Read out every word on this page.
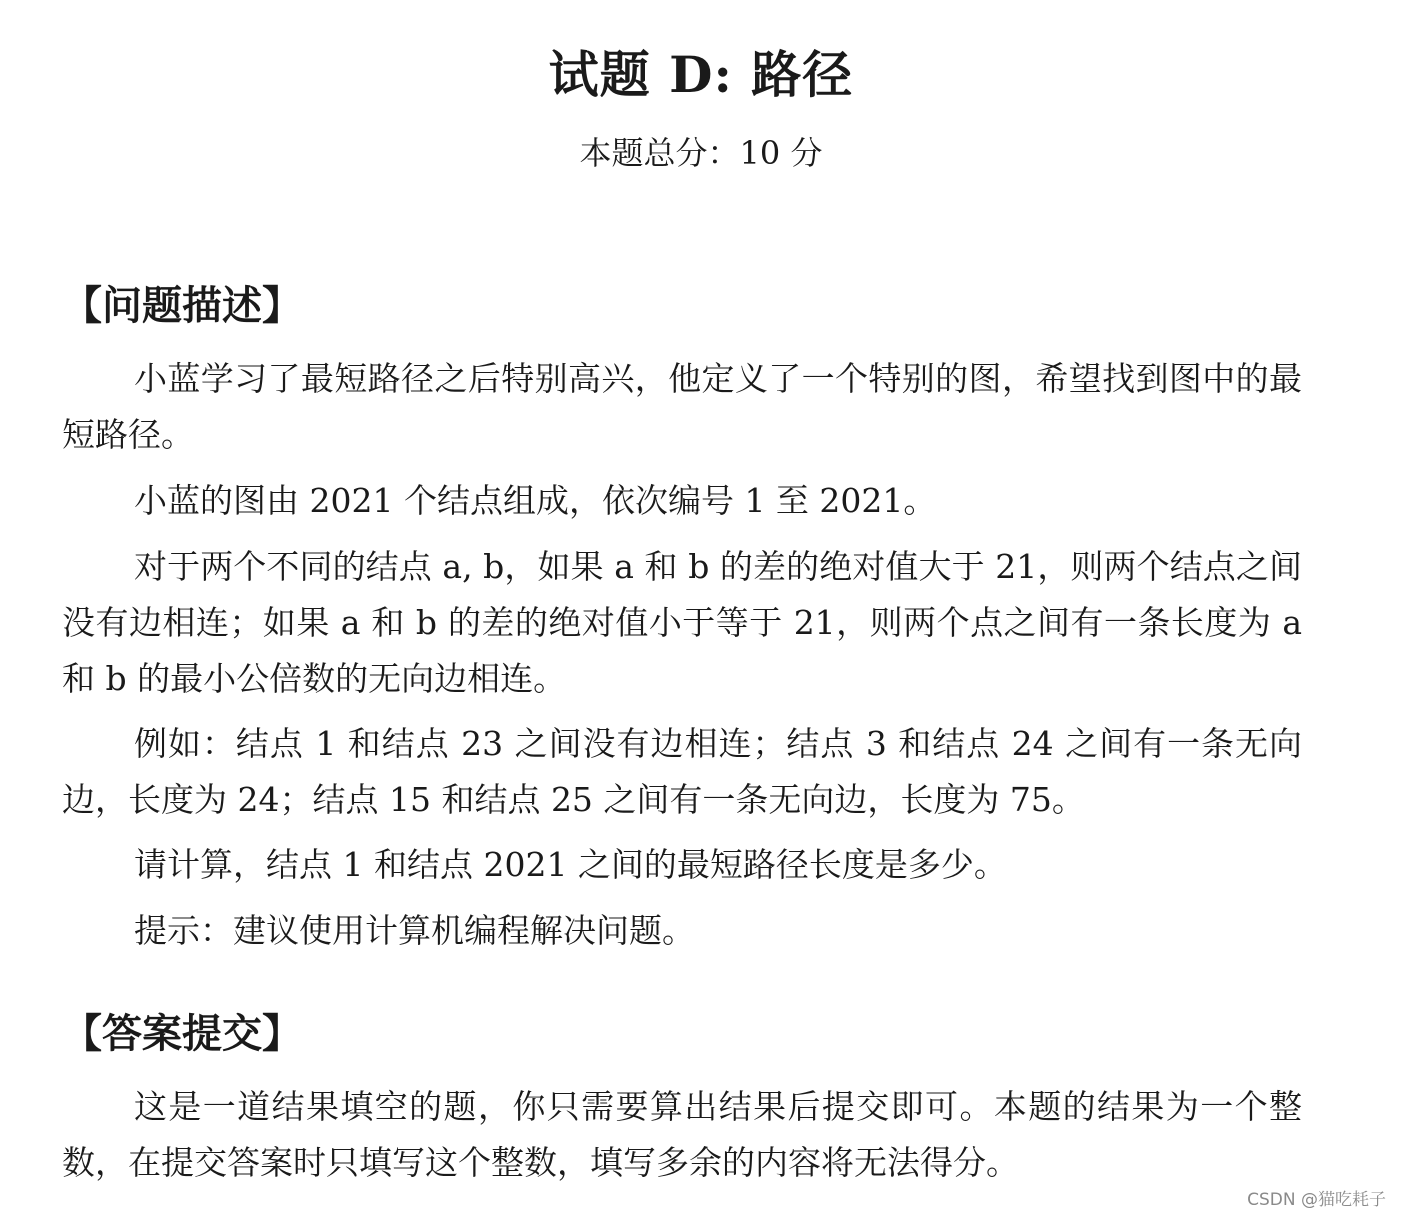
试题 D: 路径
本题总分：10 分
【问题描述】

小蓝学习了最短路径之后特别高兴，他定义了一个特别的图，希望找到图中的最短路径。

小蓝的图由 2021 个结点组成，依次编号 1 至 2021。

对于两个不同的结点 a, b，如果 a 和 b 的差的绝对值大于 21，则两个结点之间没有边相连；如果 a 和 b 的差的绝对值小于等于 21，则两个点之间有一条长度为 a 和 b 的最小公倍数的无向边相连。

例如：结点 1 和结点 23 之间没有边相连；结点 3 和结点 24 之间有一条无向边，长度为 24；结点 15 和结点 25 之间有一条无向边，长度为 75。

请计算，结点 1 和结点 2021 之间的最短路径长度是多少。

提示：建议使用计算机编程解决问题。

【答案提交】

这是一道结果填空的题，你只需要算出结果后提交即可。本题的结果为一个整数，在提交答案时只填写这个整数，填写多余的内容将无法得分。

CSDN @猫吃耗子
